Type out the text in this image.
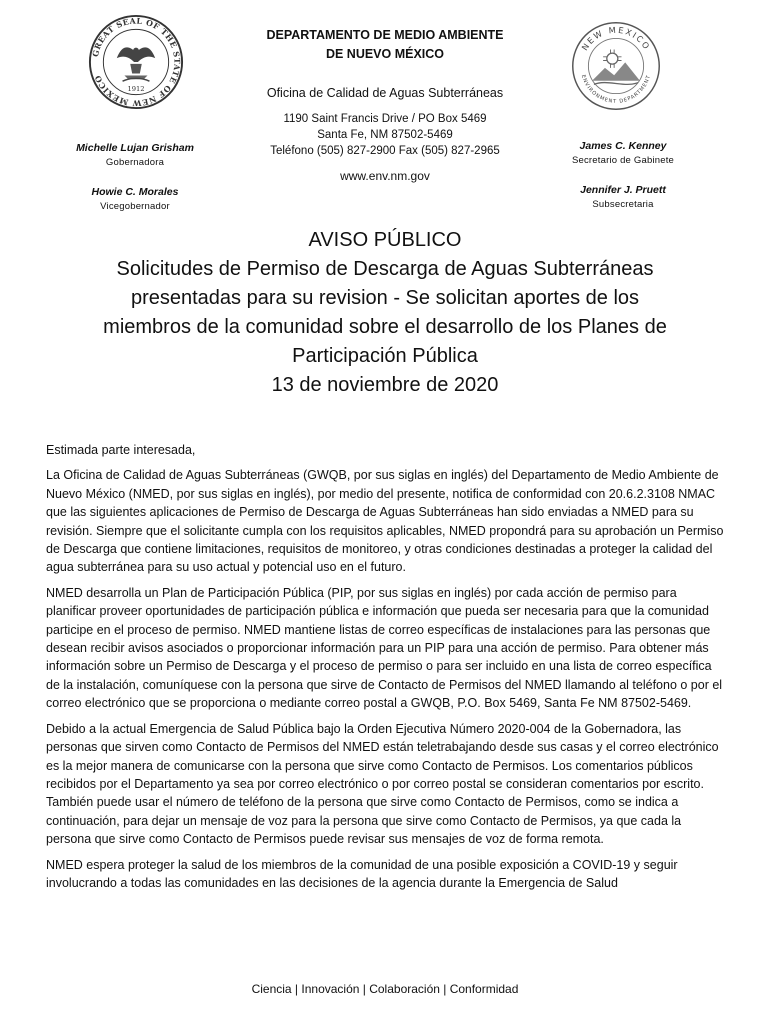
GREAT SEAL OF THE STATE OF NEW MEXICO
1912
NEW MEXICO
ENVIRONMENT DEPARTMENT
DEPARTAMENTO DE MEDIO AMBIENTE
DE NUEVO MÉXICO
Oficina de Calidad de Aguas Subterráneas
1190 Saint Francis Drive / PO Box 5469
Santa Fe, NM 87502-5469
Teléfono (505) 827-2900 Fax (505) 827-2965
www.env.nm.gov
Michelle Lujan Grisham
Gobernadora
Howie C. Morales
Vicegobernador
James C. Kenney
Secretario de Gabinete
Jennifer J. Pruett
Subsecretaria
AVISO PÚBLICO
Solicitudes de Permiso de Descarga de Aguas Subterráneas
presentadas para su revision - Se solicitan aportes de los
miembros de la comunidad sobre el desarrollo de los Planes de
Participación Pública
13 de noviembre de 2020

Estimada parte interesada,

La Oficina de Calidad de Aguas Subterráneas (GWQB, por sus siglas en inglés) del Departamento de Medio Ambiente de Nuevo México (NMED, por sus siglas en inglés), por medio del presente, notifica de conformidad con 20.6.2.3108 NMAC que las siguientes aplicaciones de Permiso de Descarga de Aguas Subterráneas han sido enviadas a NMED para su revisión. Siempre que el solicitante cumpla con los requisitos aplicables, NMED propondrá para su aprobación un Permiso de Descarga que contiene limitaciones, requisitos de monitoreo, y otras condiciones destinadas a proteger la calidad del agua subterránea para su uso actual y potencial uso en el futuro.

NMED desarrolla un Plan de Participación Pública (PIP, por sus siglas en inglés) por cada acción de permiso para planificar proveer oportunidades de participación pública e información que pueda ser necesaria para que la comunidad participe en el proceso de permiso. NMED mantiene listas de correo específicas de instalaciones para las personas que desean recibir avisos asociados o proporcionar información para un PIP para una acción de permiso. Para obtener más información sobre un Permiso de Descarga y el proceso de permiso o para ser incluido en una lista de correo específica de la instalación, comuníquese con la persona que sirve de Contacto de Permisos del NMED llamando al teléfono o por el correo electrónico que se proporciona o mediante correo postal a GWQB, P.O. Box 5469, Santa Fe NM 87502-5469.

Debido a la actual Emergencia de Salud Pública bajo la Orden Ejecutiva Número 2020-004 de la Gobernadora, las personas que sirven como Contacto de Permisos del NMED están teletrabajando desde sus casas y el correo electrónico es la mejor manera de comunicarse con la persona que sirve como Contacto de Permisos. Los comentarios públicos recibidos por el Departamento ya sea por correo electrónico o por correo postal se consideran comentarios por escrito. También puede usar el número de teléfono de la persona que sirve como Contacto de Permisos, como se indica a continuación, para dejar un mensaje de voz para la persona que sirve como Contacto de Permisos, ya que cada la persona que sirve como Contacto de Permisos puede revisar sus mensajes de voz de forma remota.

NMED espera proteger la salud de los miembros de la comunidad de una posible exposición a COVID-19 y seguir involucrando a todas las comunidades en las decisiones de la agencia durante la Emergencia de Salud

Ciencia | Innovación | Colaboración | Conformidad
